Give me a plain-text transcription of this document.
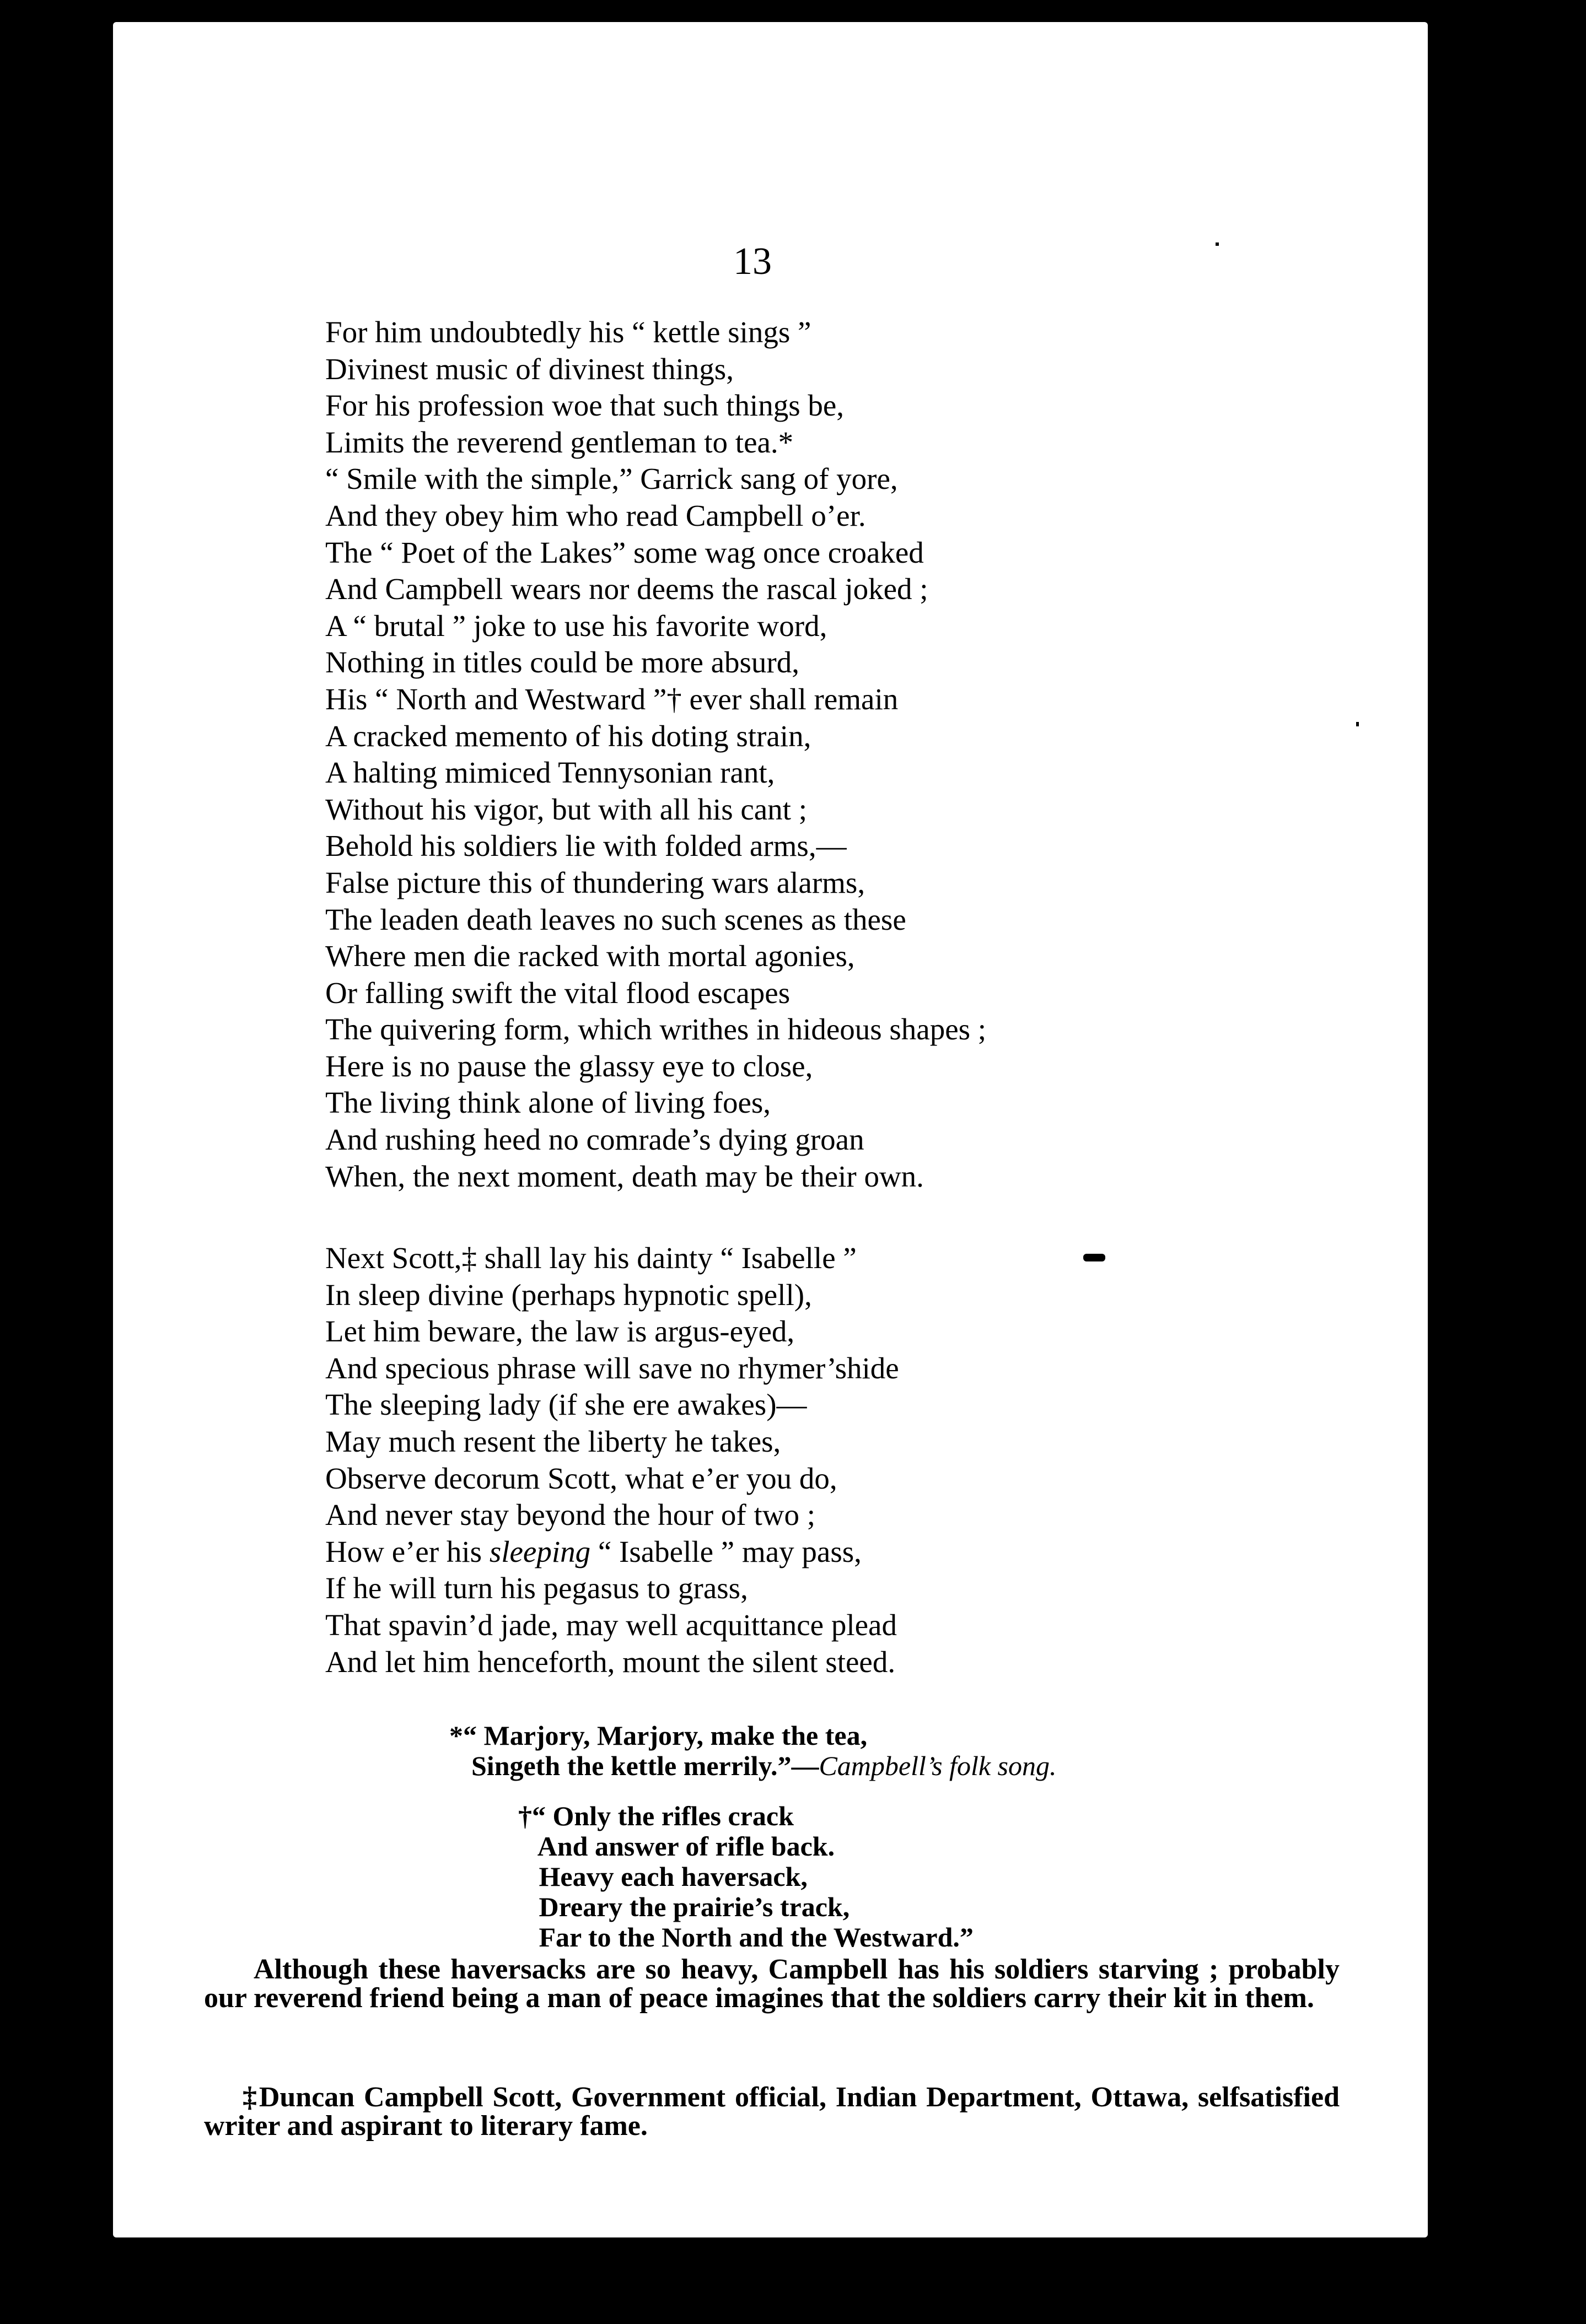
13
For him undoubtedly his “ kettle sings ”
Divinest music of divinest things,
For his profession woe that such things be,
Limits the reverend gentleman to tea.*
“ Smile with the simple,” Garrick sang of yore,
And they obey him who read Campbell o’er.
The “ Poet of the Lakes” some wag once croaked
And Campbell wears nor deems the rascal joked ;
A “ brutal ” joke to use his favorite word,
Nothing in titles could be more absurd,
His “ North and Westward ”† ever shall remain
A cracked memento of his doting strain,
A halting mimiced Tennysonian rant,
Without his vigor, but with all his cant ;
Behold his soldiers lie with folded arms,—
False picture this of thundering wars alarms,
The leaden death leaves no such scenes as these
Where men die racked with mortal agonies,
Or falling swift the vital flood escapes
The quivering form, which writhes in hideous shapes ;
Here is no pause the glassy eye to close,
The living think alone of living foes,
And rushing heed no comrade’s dying groan
When, the next moment, death may be their own.
Next Scott,‡ shall lay his dainty “ Isabelle ”
In sleep divine (perhaps hypnotic spell),
Let him beware, the law is argus-eyed,
And specious phrase will save no rhymer’shide
The sleeping lady (if she ere awakes)—
May much resent the liberty he takes,
Observe decorum Scott, what e’er you do,
And never stay beyond the hour of two ;
How e’er his sleeping “ Isabelle ” may pass,
If he will turn his pegasus to grass,
That spavin’d jade, may well acquittance plead
And let him henceforth, mount the silent steed.
*“ Marjory, Marjory, make the tea,
Singeth the kettle merrily.”—Campbell’s folk song.
†“ Only the rifles crack
And answer of rifle back.
Heavy each haversack,
Dreary the prairie’s track,
Far to the North and the Westward.”
Although these haversacks are so heavy, Campbell has his soldiers starving ; probably our reverend friend being a man of peace imagines that the soldiers carry their kit in them.
‡Duncan Campbell Scott, Government official, Indian Department, Ottawa, selfsatisfied writer and aspirant to literary fame.
